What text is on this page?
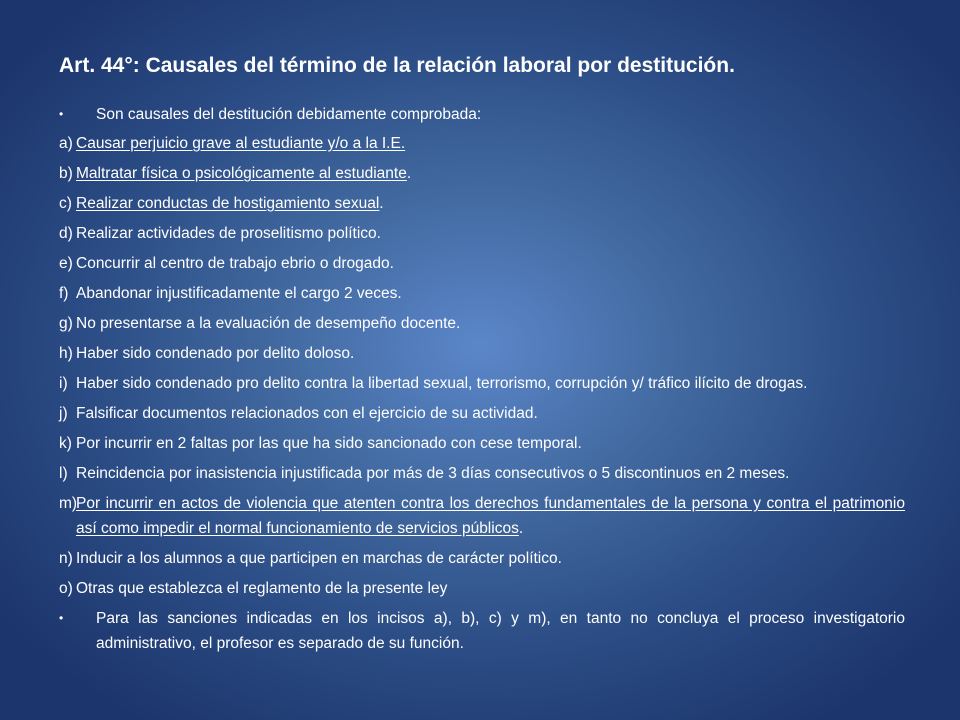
Art. 44°: Causales del término de la relación laboral por destitución.
• Son causales del destitución debidamente comprobada:
a) Causar perjuicio grave al estudiante y/o a la I.E.
b) Maltratar física o psicológicamente al estudiante.
c) Realizar conductas de hostigamiento sexual.
d) Realizar actividades de proselitismo político.
e) Concurrir al centro de trabajo ebrio o drogado.
f) Abandonar injustificadamente el cargo 2 veces.
g) No presentarse a la evaluación de desempeño docente.
h) Haber sido condenado por delito doloso.
i) Haber sido condenado pro delito contra la libertad sexual, terrorismo, corrupción y/ tráfico ilícito de drogas.
j) Falsificar documentos relacionados con el ejercicio de su actividad.
k) Por incurrir en 2 faltas por las que ha sido sancionado con cese temporal.
l) Reincidencia por inasistencia injustificada por más de 3 días consecutivos o 5 discontinuos en 2 meses.
m)
Por incurrir en actos de violencia que atenten contra los derechos fundamentales de la persona y contra el patrimonio así como impedir el normal funcionamiento de servicios públicos.
n) Inducir a los alumnos a que participen en marchas de carácter político.
o) Otras que establezca el reglamento de la presente ley
• Para las sanciones indicadas en los incisos a), b), c) y m), en tanto no concluya el proceso investigatorio administrativo, el profesor es separado de su función.
